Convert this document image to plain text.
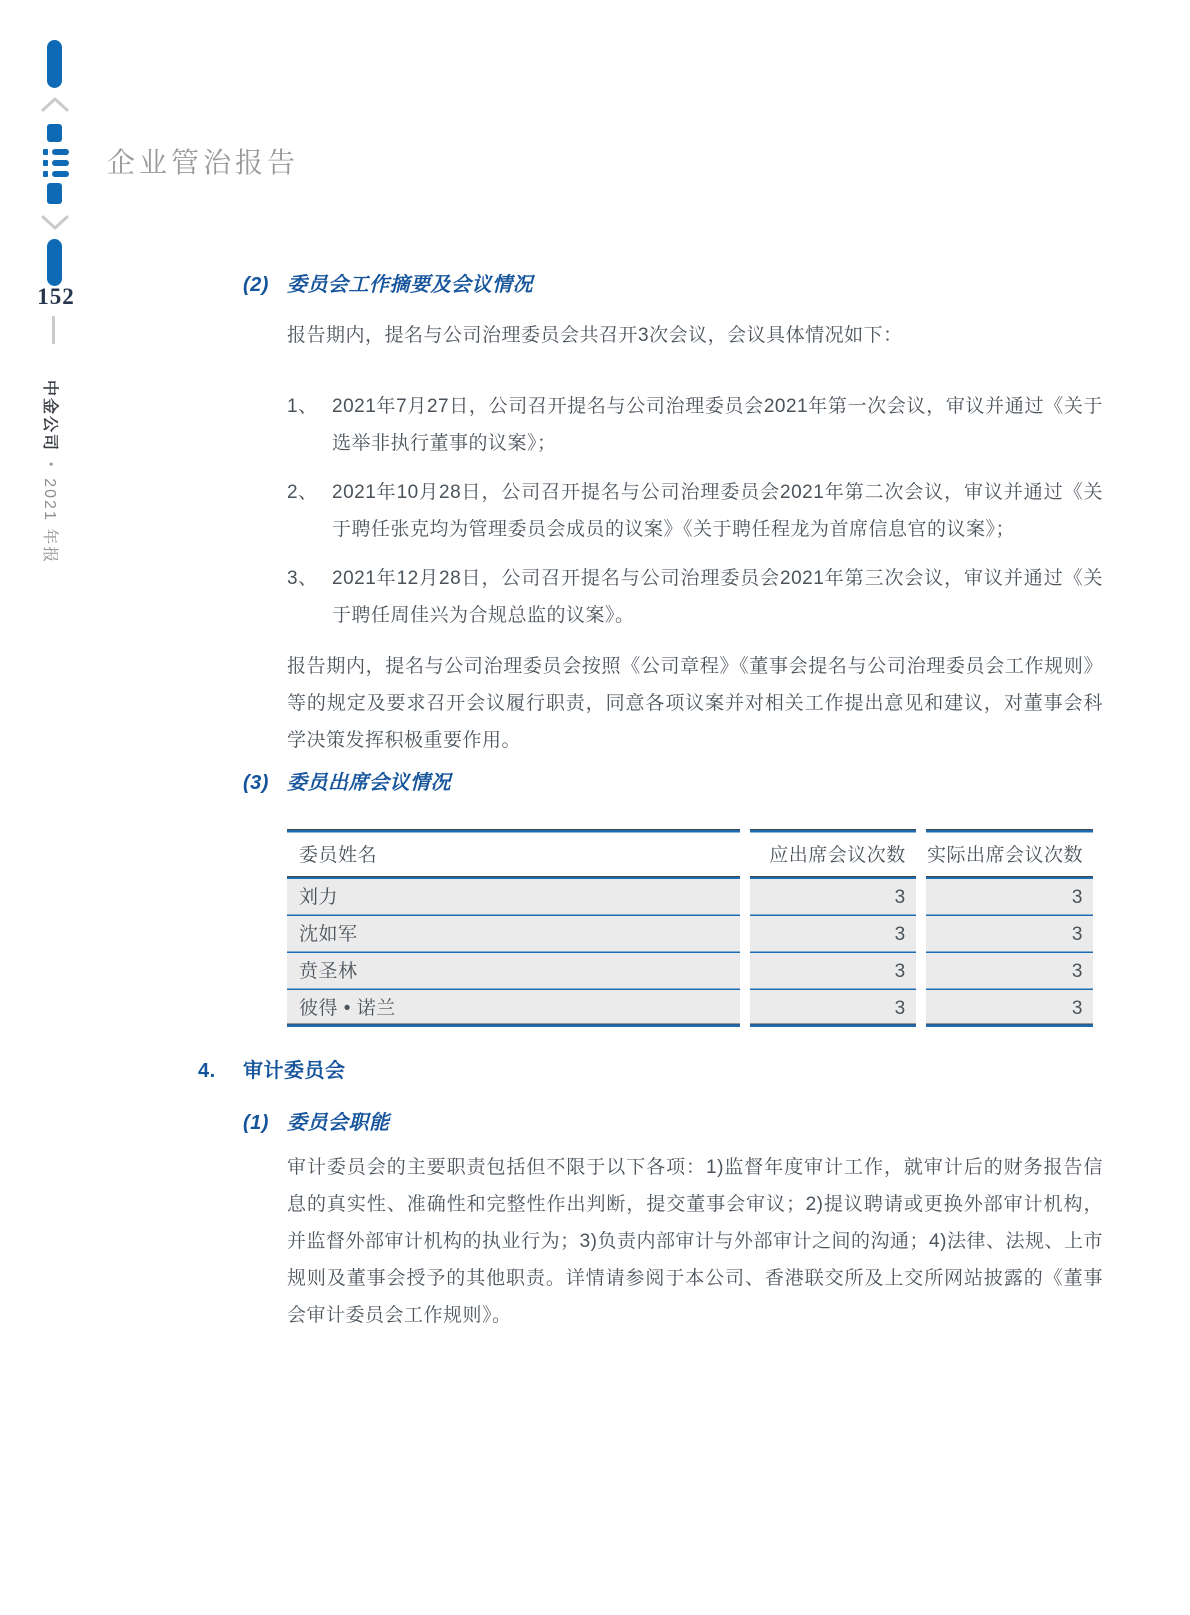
152
中金公司•2021 年报
企业管治报告
(2) 委员会工作摘要及会议情况
报告期内，提名与公司治理委员会共召开3次会议，会议具体情况如下：
1、 2021年7月27日，公司召开提名与公司治理委员会2021年第一次会议，审议并通过《关于选举非执行董事的议案》；
2、 2021年10月28日，公司召开提名与公司治理委员会2021年第二次会议，审议并通过《关于聘任张克均为管理委员会成员的议案》《关于聘任程龙为首席信息官的议案》；
3、 2021年12月28日，公司召开提名与公司治理委员会2021年第三次会议，审议并通过《关于聘任周佳兴为合规总监的议案》。
报告期内，提名与公司治理委员会按照《公司章程》《董事会提名与公司治理委员会工作规则》等的规定及要求召开会议履行职责，同意各项议案并对相关工作提出意见和建议，对董事会科学决策发挥积极重要作用。
(3) 委员出席会议情况
委员姓名	应出席会议次数	实际出席会议次数
刘力	3	3
沈如军	3	3
贲圣林	3	3
彼得 • 诺兰	3	3
4.	审计委员会
(1) 委员会职能
审计委员会的主要职责包括但不限于以下各项：1)监督年度审计工作，就审计后的财务报告信息的真实性、准确性和完整性作出判断，提交董事会审议；2)提议聘请或更换外部审计机构，并监督外部审计机构的执业行为；3)负责内部审计与外部审计之间的沟通；4)法律、法规、上市规则及董事会授予的其他职责。详情请参阅于本公司、香港联交所及上交所网站披露的《董事会审计委员会工作规则》。
